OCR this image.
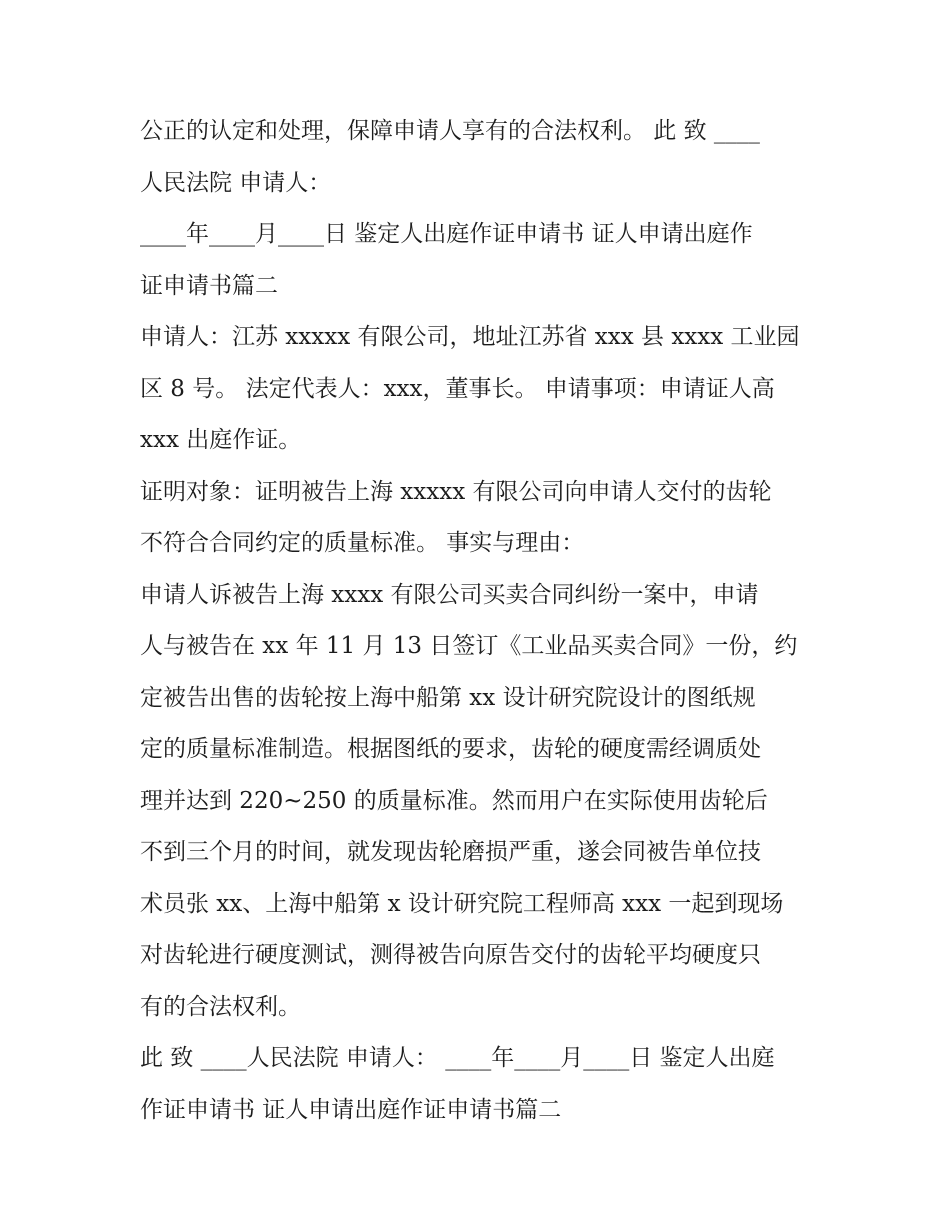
公正的认定和处理，保障申请人享有的合法权利。 此 致 ____
人民法院 申请人：
____年____月____日 鉴定人出庭作证申请书 证人申请出庭作
证申请书篇二
申请人：江苏 xxxxx 有限公司，地址江苏省 xxx 县 xxxx 工业园
区 8 号。 法定代表人：xxx，董事长。 申请事项：申请证人高
xxx 出庭作证。
证明对象：证明被告上海 xxxxx 有限公司向申请人交付的齿轮
不符合合同约定的质量标准。 事实与理由：
申请人诉被告上海 xxxx 有限公司买卖合同纠纷一案中，申请
人与被告在 xx 年 11 月 13 日签订《工业品买卖合同》一份，约
定被告出售的齿轮按上海中船第 xx 设计研究院设计的图纸规
定的质量标准制造。根据图纸的要求，齿轮的硬度需经调质处
理并达到 220~250 的质量标准。然而用户在实际使用齿轮后
不到三个月的时间，就发现齿轮磨损严重，遂会同被告单位技
术员张 xx、上海中船第 x 设计研究院工程师高 xxx 一起到现场
对齿轮进行硬度测试，测得被告向原告交付的齿轮平均硬度只
有的合法权利。
此 致 ____人民法院 申请人： ____年____月____日 鉴定人出庭
作证申请书 证人申请出庭作证申请书篇二
